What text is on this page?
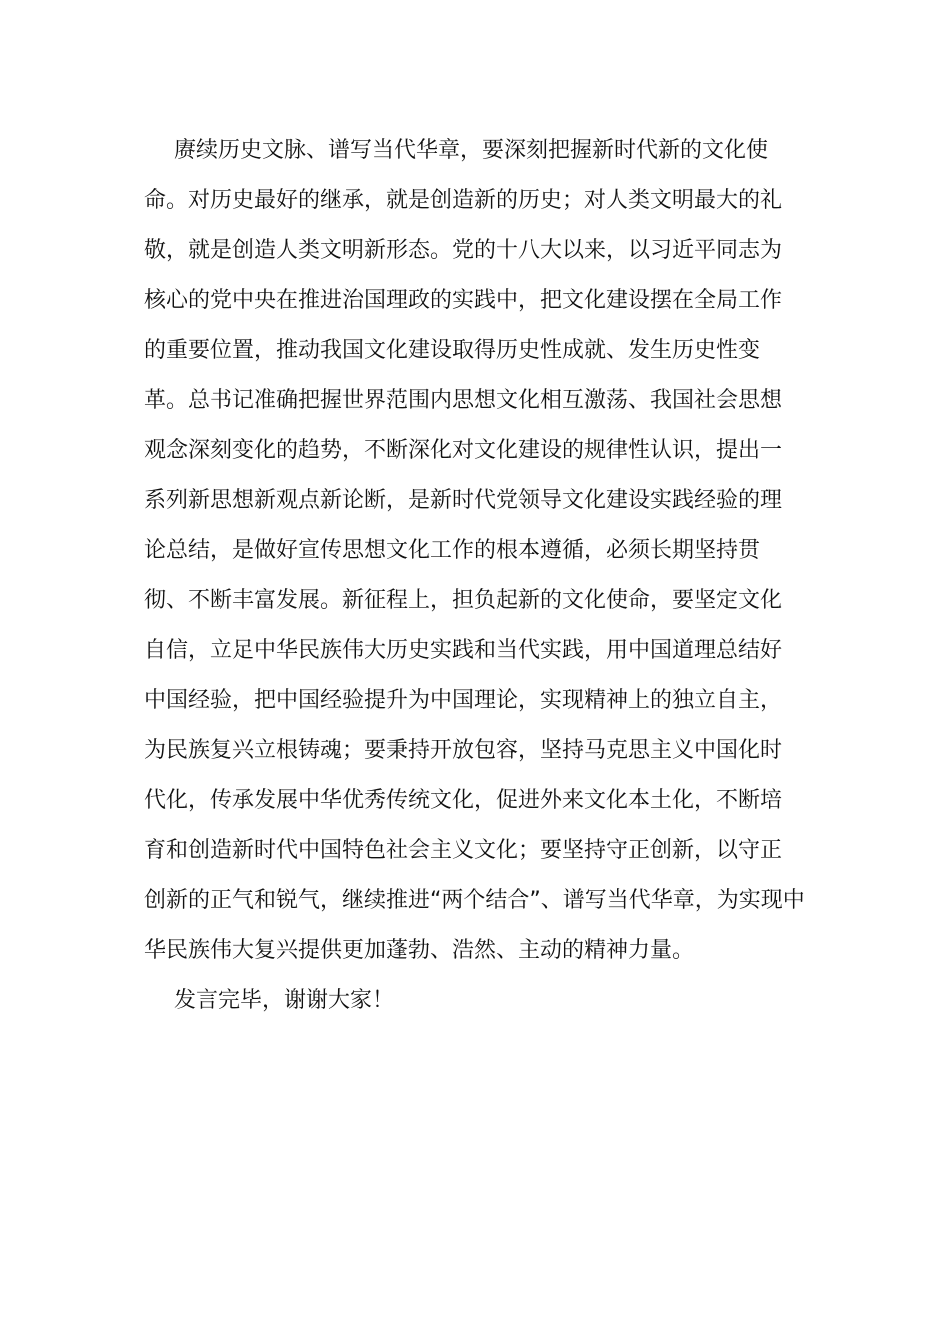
赓续历史文脉、谱写当代华章，要深刻把握新时代新的文化使
命。对历史最好的继承，就是创造新的历史；对人类文明最大的礼
敬，就是创造人类文明新形态。党的十八大以来，以习近平同志为
核心的党中央在推进治国理政的实践中，把文化建设摆在全局工作
的重要位置，推动我国文化建设取得历史性成就、发生历史性变
革。总书记准确把握世界范围内思想文化相互激荡、我国社会思想
观念深刻变化的趋势，不断深化对文化建设的规律性认识，提出一
系列新思想新观点新论断，是新时代党领导文化建设实践经验的理
论总结，是做好宣传思想文化工作的根本遵循，必须长期坚持贯
彻、不断丰富发展。新征程上，担负起新的文化使命，要坚定文化
自信，立足中华民族伟大历史实践和当代实践，用中国道理总结好
中国经验，把中国经验提升为中国理论，实现精神上的独立自主，
为民族复兴立根铸魂；要秉持开放包容，坚持马克思主义中国化时
代化，传承发展中华优秀传统文化，促进外来文化本土化，不断培
育和创造新时代中国特色社会主义文化；要坚持守正创新，以守正
创新的正气和锐气，继续推进“两个结合”、谱写当代华章，为实现中
华民族伟大复兴提供更加蓬勃、浩然、主动的精神力量。
发言完毕，谢谢大家！
